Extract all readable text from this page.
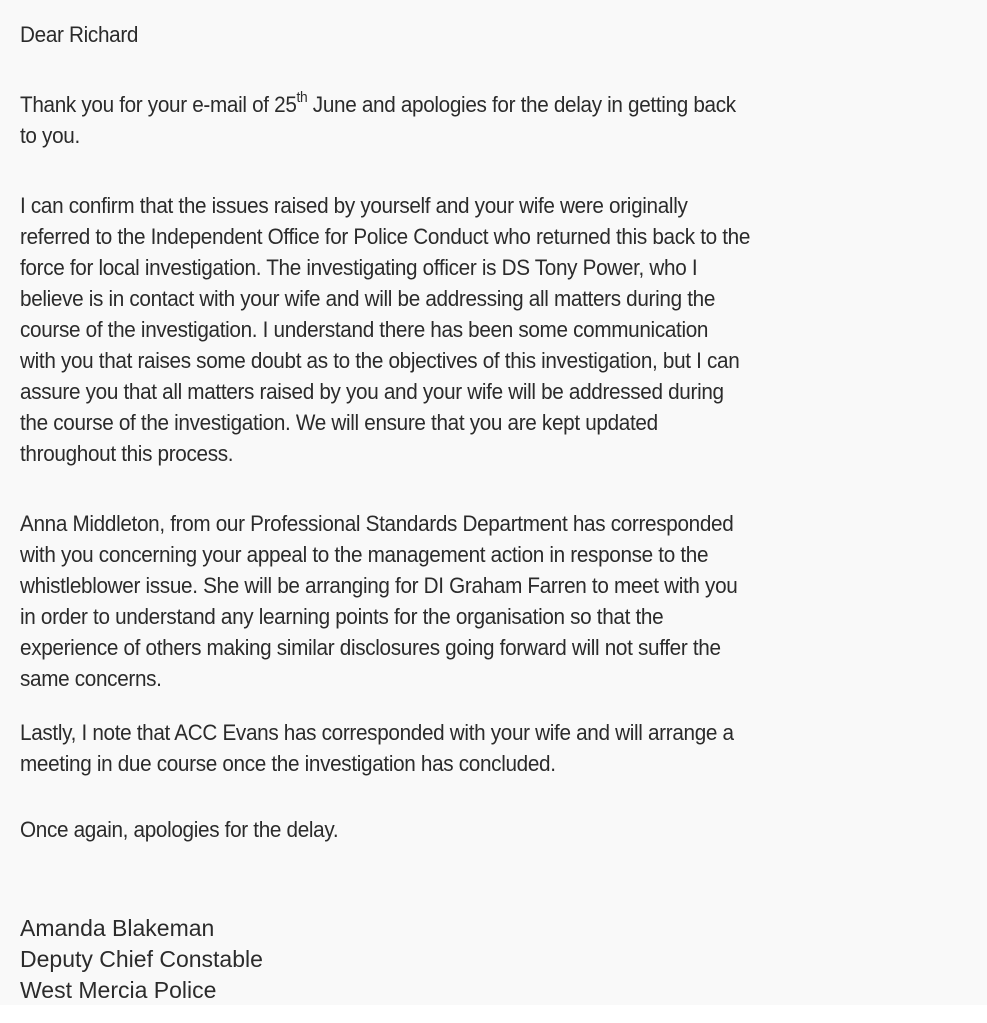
Dear Richard
Thank you for your e-mail of 25th June and apologies for the delay in getting back
to you.
I can confirm that the issues raised by yourself and your wife were originally
referred to the Independent Office for Police Conduct who returned this back to the
force for local investigation. The investigating officer is DS Tony Power, who I
believe is in contact with your wife and will be addressing all matters during the
course of the investigation. I understand there has been some communication
with you that raises some doubt as to the objectives of this investigation, but I can
assure you that all matters raised by you and your wife will be addressed during
the course of the investigation. We will ensure that you are kept updated
throughout this process.
Anna Middleton, from our Professional Standards Department has corresponded
with you concerning your appeal to the management action in response to the
whistleblower issue. She will be arranging for DI Graham Farren to meet with you
in order to understand any learning points for the organisation so that the
experience of others making similar disclosures going forward will not suffer the
same concerns.
Lastly, I note that ACC Evans has corresponded with your wife and will arrange a
meeting in due course once the investigation has concluded.
Once again, apologies for the delay.
Amanda Blakeman
Deputy Chief Constable
West Mercia Police
